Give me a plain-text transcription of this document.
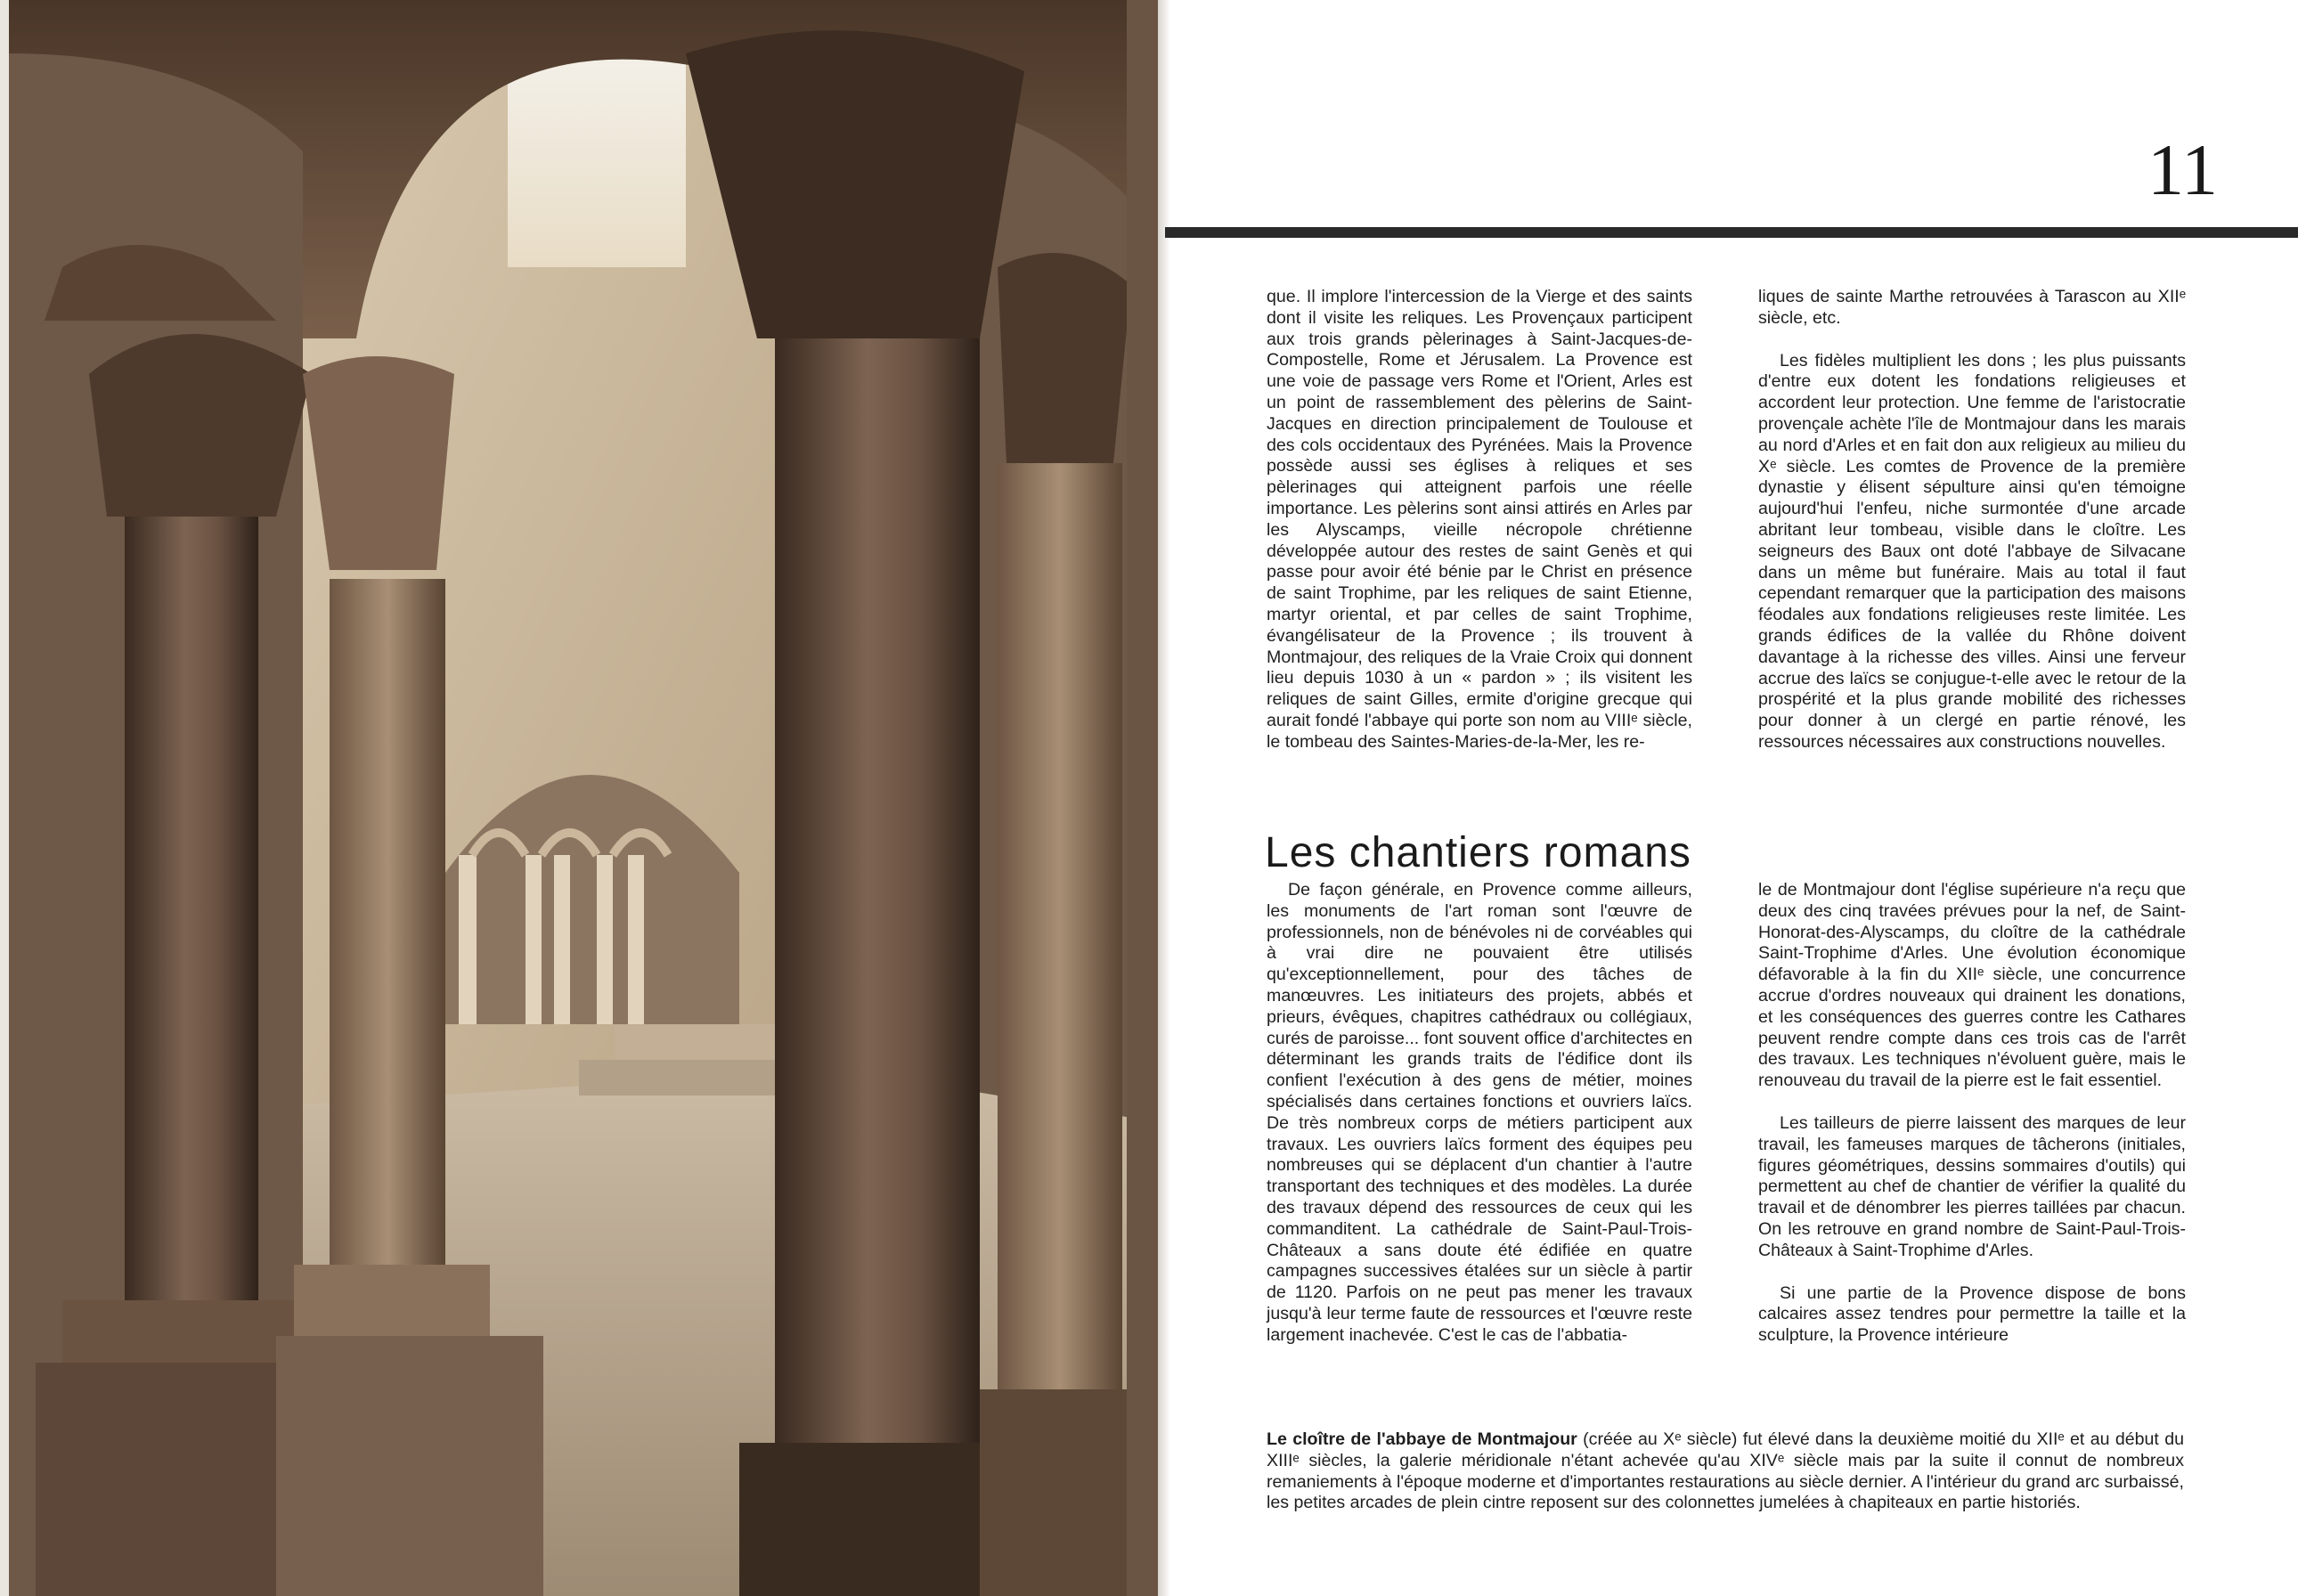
11

que. Il implore l'intercession de la Vierge et des saints dont il visite les reliques. Les Provençaux participent aux trois grands pèlerinages à Saint-Jacques-de-Compostelle, Rome et Jérusalem. La Provence est une voie de passage vers Rome et l'Orient, Arles est un point de rassemblement des pèlerins de Saint-Jacques en direction principalement de Toulouse et des cols occidentaux des Pyrénées. Mais la Provence possède aussi ses églises à reliques et ses pèlerinages qui atteignent parfois une réelle importance. Les pèlerins sont ainsi attirés en Arles par les Alyscamps, vieille nécropole chrétienne développée autour des restes de saint Genès et qui passe pour avoir été bénie par le Christ en présence de saint Trophime, par les reliques de saint Etienne, martyr oriental, et par celles de saint Trophime, évangélisateur de la Provence ; ils trouvent à Montmajour, des reliques de la Vraie Croix qui donnent lieu depuis 1030 à un « pardon » ; ils visitent les reliques de saint Gilles, ermite d'origine grecque qui aurait fondé l'abbaye qui porte son nom au VIIIᵉ siècle, le tombeau des Saintes-Maries-de-la-Mer, les re-

liques de sainte Marthe retrouvées à Tarascon au XIIᵉ siècle, etc.

Les fidèles multiplient les dons ; les plus puissants d'entre eux dotent les fondations religieuses et accordent leur protection. Une femme de l'aristocratie provençale achète l'île de Montmajour dans les marais au nord d'Arles et en fait don aux religieux au milieu du Xᵉ siècle. Les comtes de Provence de la première dynastie y élisent sépulture ainsi qu'en témoigne aujourd'hui l'enfeu, niche surmontée d'une arcade abritant leur tombeau, visible dans le cloître. Les seigneurs des Baux ont doté l'abbaye de Silvacane dans un même but funéraire. Mais au total il faut cependant remarquer que la participation des maisons féodales aux fondations religieuses reste limitée. Les grands édifices de la vallée du Rhône doivent davantage à la richesse des villes. Ainsi une ferveur accrue des laïcs se conjugue-t-elle avec le retour de la prospérité et la plus grande mobilité des richesses pour donner à un clergé en partie rénové, les ressources nécessaires aux constructions nouvelles.

Les chantiers romans

De façon générale, en Provence comme ailleurs, les monuments de l'art roman sont l'œuvre de professionnels, non de bénévoles ni de corvéables qui à vrai dire ne pouvaient être utilisés qu'exceptionnellement, pour des tâches de manœuvres. Les initiateurs des projets, abbés et prieurs, évêques, chapitres cathédraux ou collégiaux, curés de paroisse... font souvent office d'architectes en déterminant les grands traits de l'édifice dont ils confient l'exécution à des gens de métier, moines spécialisés dans certaines fonctions et ouvriers laïcs. De très nombreux corps de métiers participent aux travaux. Les ouvriers laïcs forment des équipes peu nombreuses qui se déplacent d'un chantier à l'autre transportant des techniques et des modèles. La durée des travaux dépend des ressources de ceux qui les commanditent. La cathédrale de Saint-Paul-Trois-Châteaux a sans doute été édifiée en quatre campagnes successives étalées sur un siècle à partir de 1120. Parfois on ne peut pas mener les travaux jusqu'à leur terme faute de ressources et l'œuvre reste largement inachevée. C'est le cas de l'abbatia-

le de Montmajour dont l'église supérieure n'a reçu que deux des cinq travées prévues pour la nef, de Saint-Honorat-des-Alyscamps, du cloître de la cathédrale Saint-Trophime d'Arles. Une évolution économique défavorable à la fin du XIIᵉ siècle, une concurrence accrue d'ordres nouveaux qui drainent les donations, et les conséquences des guerres contre les Cathares peuvent rendre compte dans ces trois cas de l'arrêt des travaux. Les techniques n'évoluent guère, mais le renouveau du travail de la pierre est le fait essentiel.

Les tailleurs de pierre laissent des marques de leur travail, les fameuses marques de tâcherons (initiales, figures géométriques, dessins sommaires d'outils) qui permettent au chef de chantier de vérifier la qualité du travail et de dénombrer les pierres taillées par chacun. On les retrouve en grand nombre de Saint-Paul-Trois-Châteaux à Saint-Trophime d'Arles.

Si une partie de la Provence dispose de bons calcaires assez tendres pour permettre la taille et la sculpture, la Provence intérieure

Le cloître de l'abbaye de Montmajour (créée au Xᵉ siècle) fut élevé dans la deuxième moitié du XIIᵉ et au début du XIIIᵉ siècles, la galerie méridionale n'étant achevée qu'au XIVᵉ siècle mais par la suite il connut de nombreux remaniements à l'époque moderne et d'importantes restaurations au siècle dernier. A l'intérieur du grand arc surbaissé, les petites arcades de plein cintre reposent sur des colonnettes jumelées à chapiteaux en partie historiés.
